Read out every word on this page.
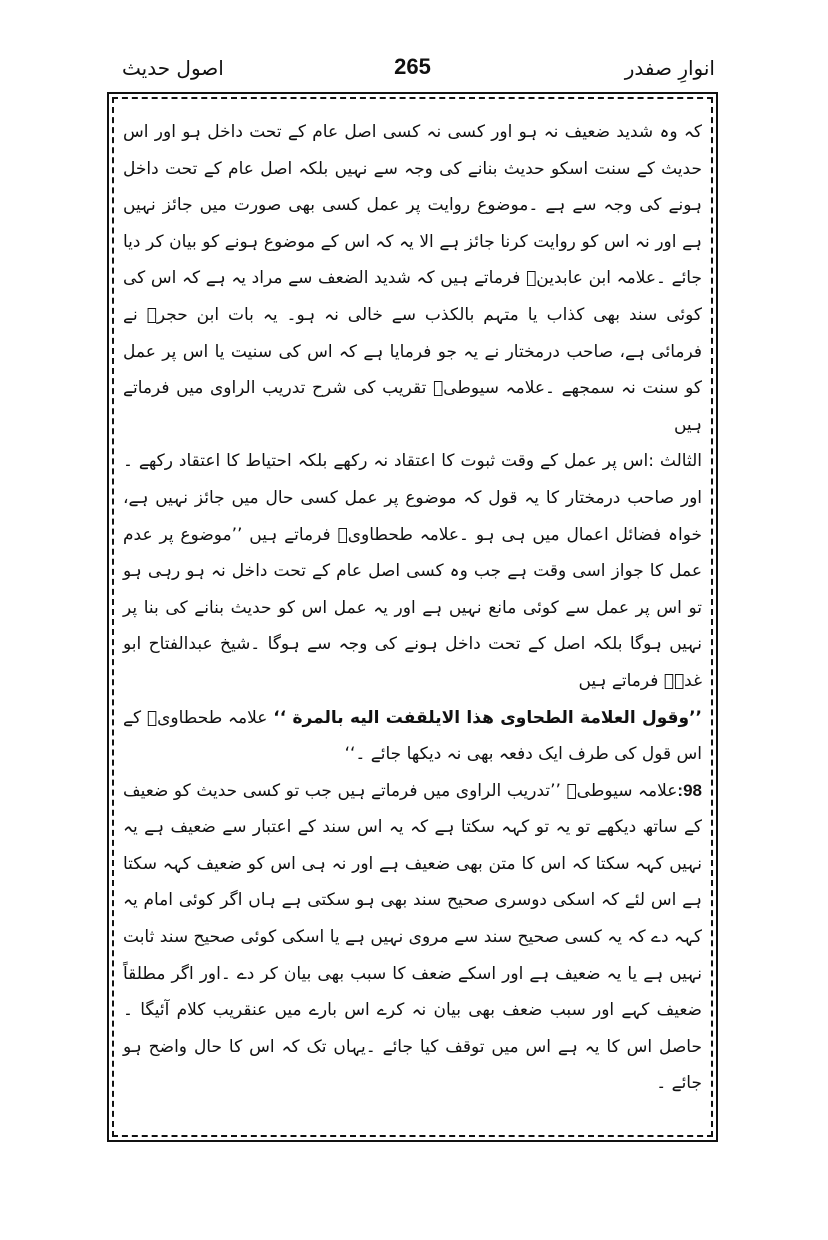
انوارِ صفدر
265
اصول حدیث

کہ وہ شدید ضعیف نہ ہو اور کسی نہ کسی اصل عام کے تحت داخل ہو اور اس حدیث کے سنت اسکو حدیث بنانے کی وجہ سے نہیں بلکہ اصل عام کے تحت داخل ہونے کی وجہ سے ہے ۔موضوع روایت پر عمل کسی بھی صورت میں جائز نہیں ہے اور نہ اس کو روایت کرنا جائز ہے الا یہ کہ اس کے موضوع ہونے کو بیان کر دیا جائے ۔علامہ ابن عابدینؒ فرماتے ہیں کہ شدید الضعف سے مراد یہ ہے کہ اس کی کوئی سند بھی کذاب یا متہم بالکذب سے خالی نہ ہو۔ یہ بات ابن حجرؒ نے فرمائی ہے، صاحب درمختار نے یہ جو فرمایا ہے کہ اس کی سنیت یا اس پر عمل کو سنت نہ سمجھے ۔علامہ سیوطیؒ تقریب کی شرح تدریب الراوی میں فرماتے ہیں

الثالث :اس پر عمل کے وقت ثبوت کا اعتقاد نہ رکھے بلکہ احتیاط کا اعتقاد رکھے ۔اور صاحب درمختار کا یہ قول کہ موضوع پر عمل کسی حال میں جائز نہیں ہے، خواہ فضائل اعمال میں ہی ہو ۔علامہ طحطاویؒ فرماتے ہیں ’’موضوع پر عدم عمل کا جواز اسی وقت ہے جب وہ کسی اصل عام کے تحت داخل نہ ہو رہی ہو تو اس پر عمل سے کوئی مانع نہیں ہے اور یہ عمل اس کو حدیث بنانے کی بنا پر نہیں ہوگا بلکہ اصل کے تحت داخل ہونے کی وجہ سے ہوگا ۔شیخ عبدالفتاح ابو غدہؒ فرماتے ہیں

’’وقول العلامة الطحاوی هذا الایلقفت الیه بالمرة ‘‘ علامہ طحطاویؒ کے اس قول کی طرف ایک دفعہ بھی نہ دیکھا جائے ۔‘‘

98:علامہ سیوطیؒ ’’تدریب الراوی میں فرماتے ہیں جب تو کسی حدیث کو ضعیف کے ساتھ دیکھے تو یہ تو کہہ سکتا ہے کہ یہ اس سند کے اعتبار سے ضعیف ہے یہ نہیں کہہ سکتا کہ اس کا متن بھی ضعیف ہے اور نہ ہی اس کو ضعیف کہہ سکتا ہے اس لئے کہ اسکی دوسری صحیح سند بھی ہو سکتی ہے ہاں اگر کوئی امام یہ کہہ دے کہ یہ کسی صحیح سند سے مروی نہیں ہے یا اسکی کوئی صحیح سند ثابت نہیں ہے یا یہ ضعیف ہے اور اسکے ضعف کا سبب بھی بیان کر دے ۔اور اگر مطلقاً ضعیف کہے اور سبب ضعف بھی بیان نہ کرے اس بارے میں عنقریب کلام آئیگا ۔حاصل اس کا یہ ہے اس میں توقف کیا جائے ۔یہاں تک کہ اس کا حال واضح ہو جائے ۔
